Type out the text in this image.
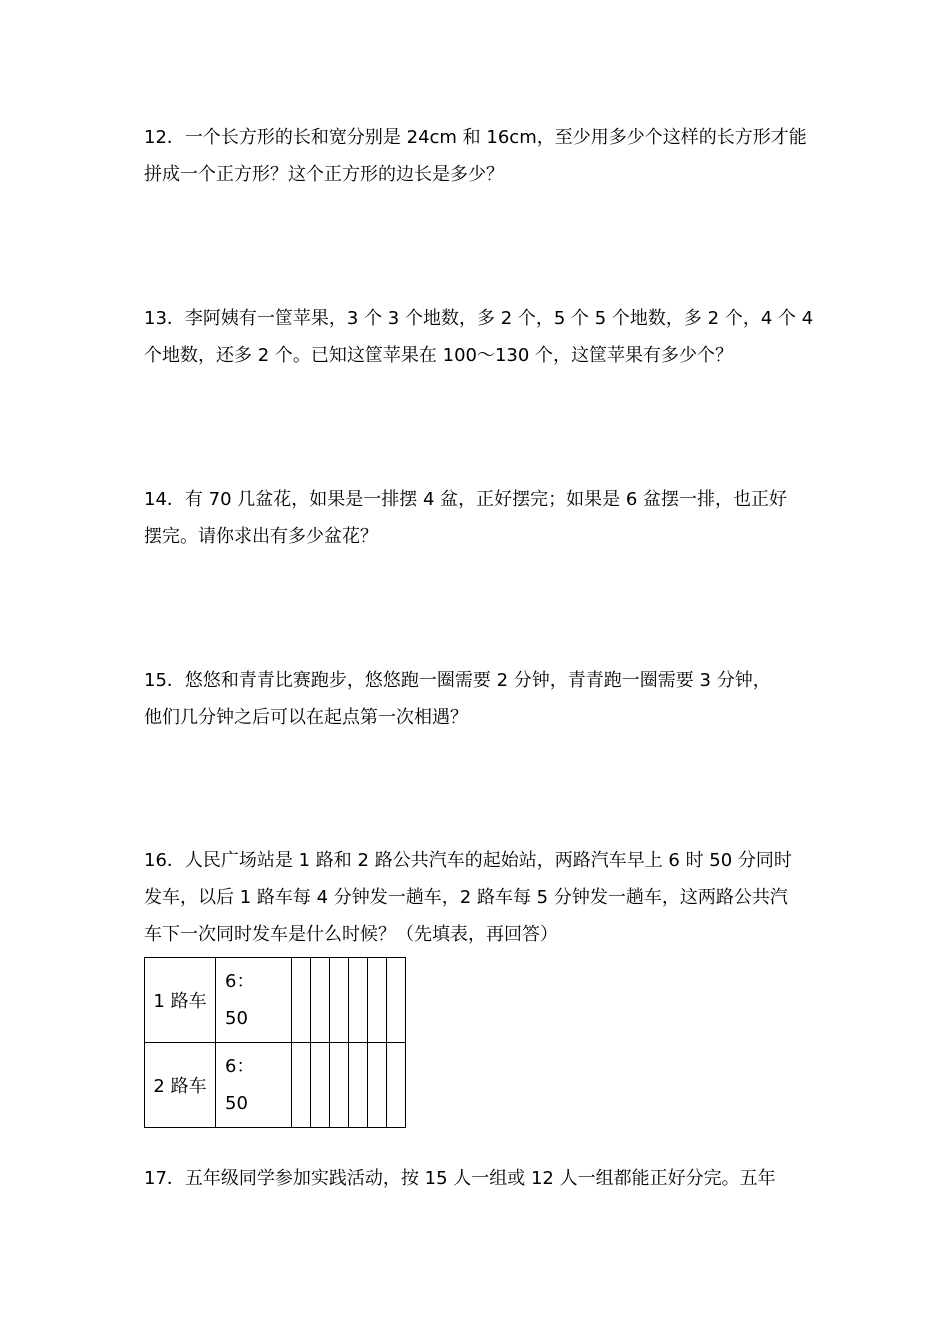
12．一个长方形的长和宽分别是 24cm 和 16cm，至少用多少个这样的长方形才能
拼成一个正方形？这个正方形的边长是多少？
13．李阿姨有一筐苹果，3 个 3 个地数，多 2 个，5 个 5 个地数，多 2 个，4 个 4
个地数，还多 2 个。已知这筐苹果在 100～130 个，这筐苹果有多少个？
14．有 70 几盆花，如果是一排摆 4 盆，正好摆完；如果是 6 盆摆一排，也正好
摆完。请你求出有多少盆花？
15．悠悠和青青比赛跑步，悠悠跑一圈需要 2 分钟，青青跑一圈需要 3 分钟，
他们几分钟之后可以在起点第一次相遇？
16．人民广场站是 1 路和 2 路公共汽车的起始站，两路汽车早上 6 时 50 分同时
发车，以后 1 路车每 4 分钟发一趟车，2 路车每 5 分钟发一趟车，这两路公共汽
车下一次同时发车是什么时候？（先填表，再回答）
1 路车	6：
50						

2 路车	6：
50						

17．五年级同学参加实践活动，按 15 人一组或 12 人一组都能正好分完。五年
